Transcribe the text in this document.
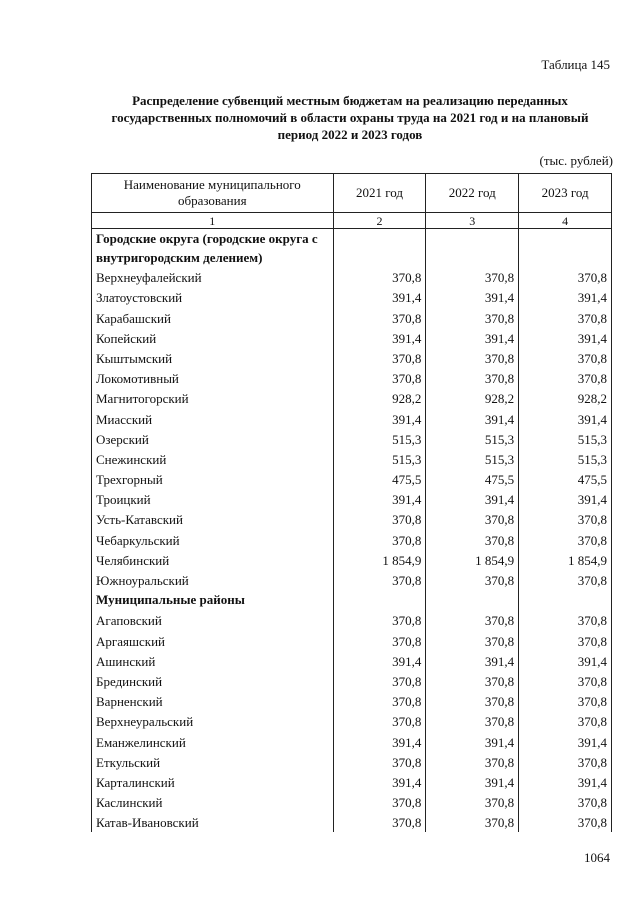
Таблица 145
Распределение субвенций местным бюджетам на реализацию переданных
государственных полномочий в области охраны труда на 2021 год и на плановый
период 2022 и 2023 годов
(тыс. рублей)
Наименование муниципального образования	2021 год	2022 год	2023 год
1	2	3	4
Городские округа (городские округа с внутригородским делением)			
Верхнеуфалейский	370,8	370,8	370,8
Златоустовский	391,4	391,4	391,4
Карабашский	370,8	370,8	370,8
Копейский	391,4	391,4	391,4
Кыштымский	370,8	370,8	370,8
Локомотивный	370,8	370,8	370,8
Магнитогорский	928,2	928,2	928,2
Миасский	391,4	391,4	391,4
Озерский	515,3	515,3	515,3
Снежинский	515,3	515,3	515,3
Трехгорный	475,5	475,5	475,5
Троицкий	391,4	391,4	391,4
Усть-Катавский	370,8	370,8	370,8
Чебаркульский	370,8	370,8	370,8
Челябинский	1 854,9	1 854,9	1 854,9
Южноуральский	370,8	370,8	370,8
Муниципальные районы			
Агаповский	370,8	370,8	370,8
Аргаяшский	370,8	370,8	370,8
Ашинский	391,4	391,4	391,4
Брединский	370,8	370,8	370,8
Варненский	370,8	370,8	370,8
Верхнеуральский	370,8	370,8	370,8
Еманжелинский	391,4	391,4	391,4
Еткульский	370,8	370,8	370,8
Карталинский	391,4	391,4	391,4
Каслинский	370,8	370,8	370,8
Катав-Ивановский	370,8	370,8	370,8
1064
